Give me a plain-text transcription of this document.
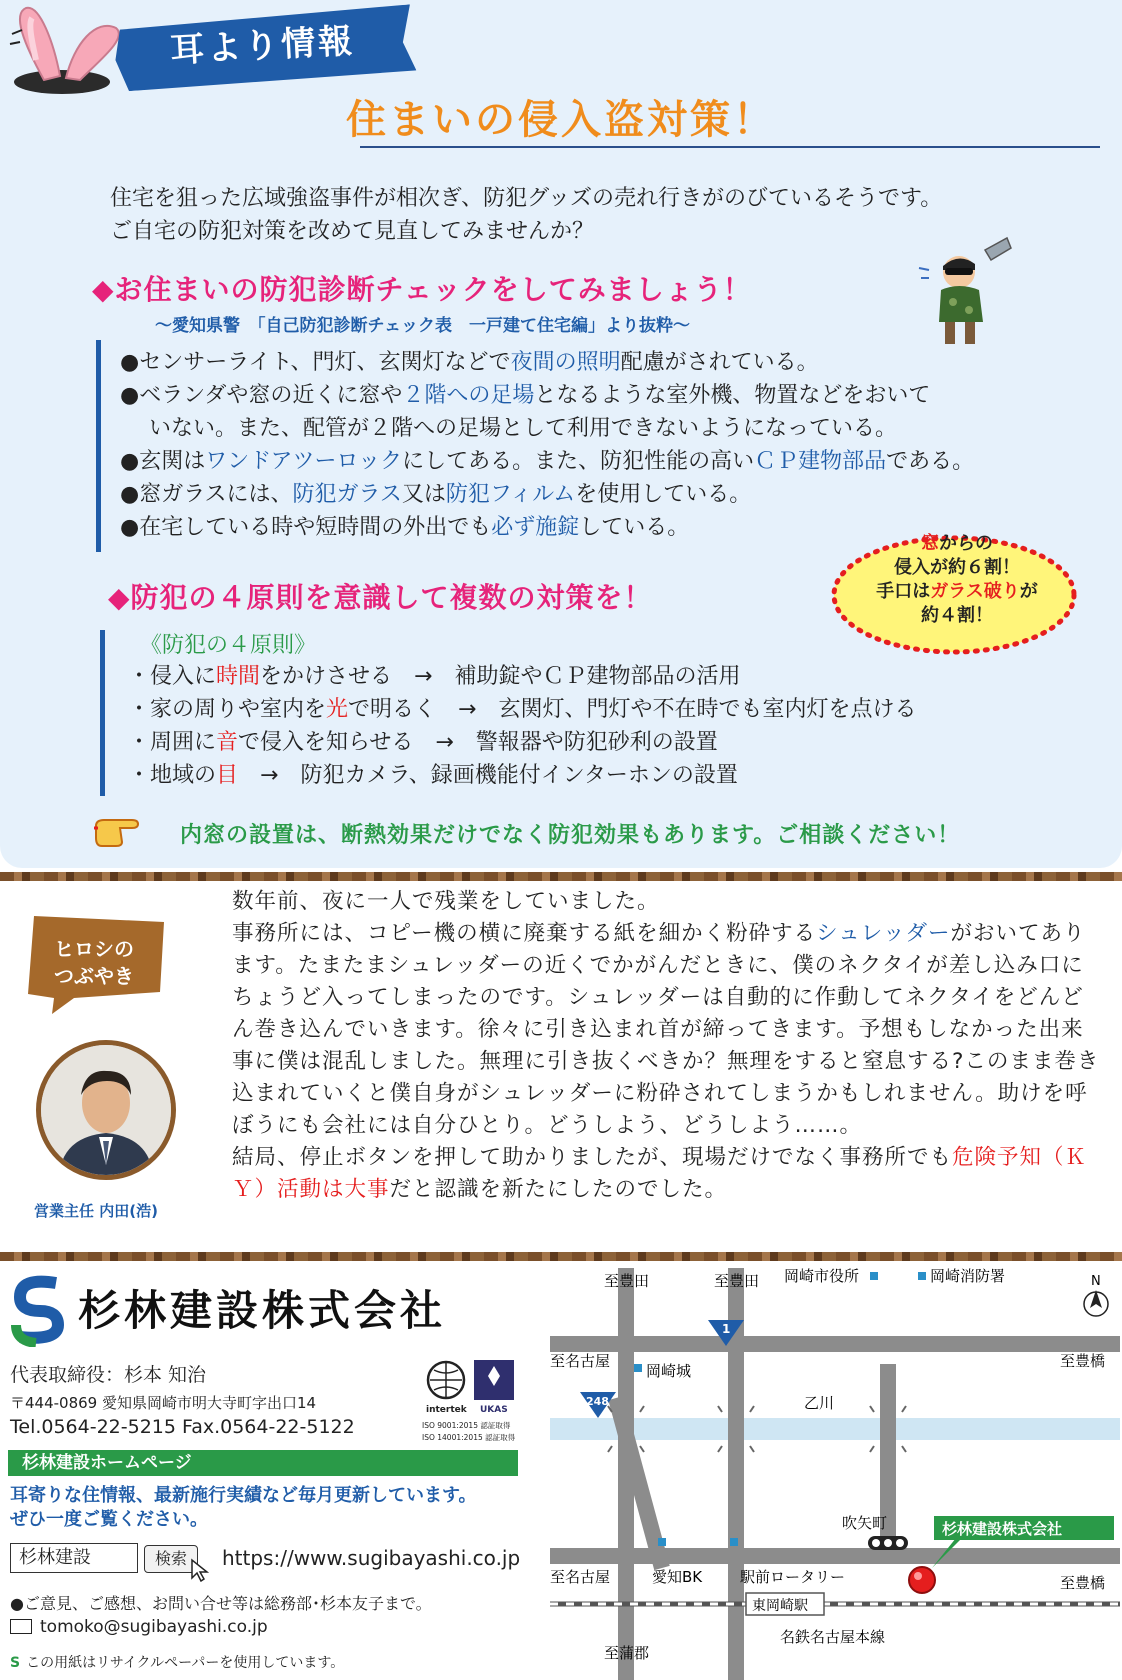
耳より情報
住まいの侵入盗対策！
住宅を狙った広域強盗事件が相次ぎ、防犯グッズの売れ行きがのびているそうです。
ご自宅の防犯対策を改めて見直してみませんか？
◆お住まいの防犯診断チェックをしてみましょう！
～愛知県警　「自己防犯診断チェック表　一戸建て住宅編」より抜粋～
●センサーライト、門灯、玄関灯などで夜間の照明配慮がされている。
●ベランダや窓の近くに窓や２階への足場となるような室外機、物置などをおいて
いない。また、配管が２階への足場として利用できないようになっている。
●玄関はワンドアツーロックにしてある。また、防犯性能の高いＣＰ建物部品である。
●窓ガラスには、防犯ガラス又は防犯フィルムを使用している。
●在宅している時や短時間の外出でも必ず施錠している。
窓からの
侵入が約６割！
手口はガラス破りが
約４割！
◆防犯の４原則を意識して複数の対策を！
《防犯の４原則》
・侵入に時間をかけさせる　→　補助錠やＣＰ建物部品の活用
・家の周りや室内を光で明るく　→　玄関灯、門灯や不在時でも室内灯を点ける
・周囲に音で侵入を知らせる　→　警報器や防犯砂利の設置
・地域の目　→　防犯カメラ、録画機能付インターホンの設置
内窓の設置は、断熱効果だけでなく防犯効果もあります。ご相談ください！
ヒロシの
つぶやき
営業主任 内田(浩)
数年前、夜に一人で残業をしていました。
事務所には、コピー機の横に廃棄する紙を細かく粉砕するシュレッダーがおいてあります。たまたまシュレッダーの近くでかがんだときに、僕のネクタイが差し込み口にちょうど入ってしまったのです。シュレッダーは自動的に作動してネクタイをどんどん巻き込んでいきます。徐々に引き込まれ首が締ってきます。予想もしなかった出来事に僕は混乱しました。無理に引き抜くべきか？無理をすると窒息する?このまま巻き込まれていくと僕自身がシュレッダーに粉砕されてしまうかもしれません。助けを呼ぼうにも会社には自分ひとり。どうしよう、どうしよう……。
結局、停止ボタンを押して助かりましたが、現場だけでなく事務所でも危険予知（ＫＹ）活動は大事だと認識を新たにしたのでした。
杉林建設株式会社
代表取締役：杉本 知治
〒444-0869 愛知県岡崎市明大寺町字出口14
Tel.0564-22-5215 Fax.0564-22-5122
intertek UKAS
ISO 9001:2015 認証取得
ISO 14001:2015 認証取得
杉林建設ホームページ
耳寄りな住情報、最新施行実績など毎月更新しています。
ぜひ一度ご覧ください。
杉林建設	検索	https://www.sugibayashi.co.jp
●ご意見、ご感想、お問い合せ等は総務部･杉本友子まで。
tomoko@sugibayashi.co.jp
S この用紙はリサイクルペーパーを使用しています。
東岡崎駅
1
248
杉林建設株式会社
N
至豊田	至豊田 岡崎市役所	岡崎消防署
至名古屋	至豊橋
岡崎城
乙川
吹矢町
愛知BK	駅前ロータリー
至名古屋	至豊橋
名鉄名古屋本線
至蒲郡
